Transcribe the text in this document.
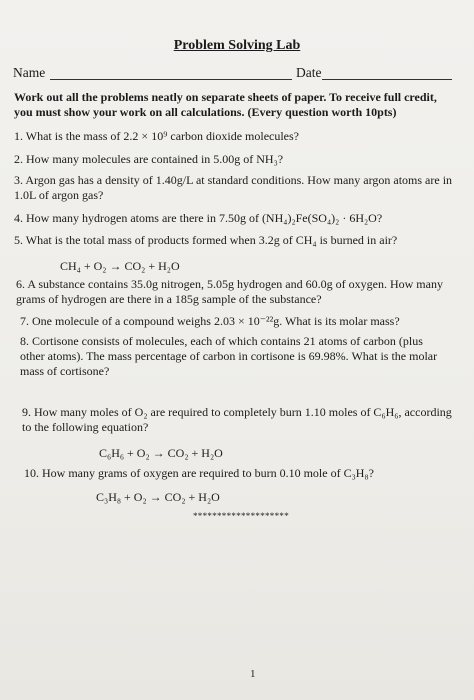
Problem Solving Lab
Name	Date
Work out all the problems neatly on separate sheets of paper. To receive full credit, you must show your work on all calculations. (Every question worth 10pts)
1. What is the mass of 2.2 × 10⁹ carbon dioxide molecules?
2. How many molecules are contained in 5.00g of NH₃?
3. Argon gas has a density of 1.40g/L at standard conditions. How many argon atoms are in 1.0L of argon gas?
4. How many hydrogen atoms are there in 7.50g of (NH₄)₂Fe(SO₄)₂ · 6H₂O?
5. What is the total mass of products formed when 3.2g of CH₄ is burned in air?
CH₄ + O₂ → CO₂ + H₂O
6. A substance contains 35.0g nitrogen, 5.05g hydrogen and 60.0g of oxygen. How many grams of hydrogen are there in a 185g sample of the substance?
7. One molecule of a compound weighs 2.03 × 10⁻²²g. What is its molar mass?
8. Cortisone consists of molecules, each of which contains 21 atoms of carbon (plus other atoms). The mass percentage of carbon in cortisone is 69.98%. What is the molar mass of cortisone?
9. How many moles of O₂ are required to completely burn 1.10 moles of C₆H₆, according to the following equation?
C₆H₆ + O₂ → CO₂ + H₂O
10. How many grams of oxygen are required to burn 0.10 mole of C₃H₈?
C₃H₈ + O₂ → CO₂ + H₂O
********************
1
